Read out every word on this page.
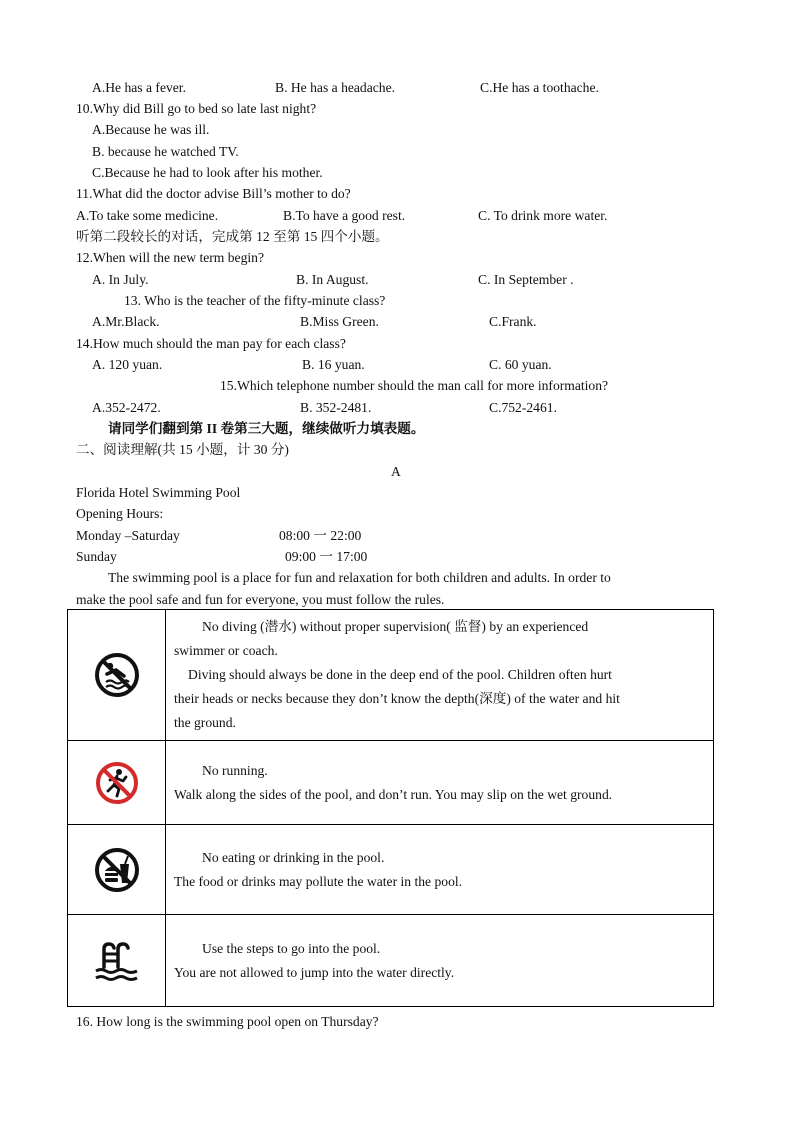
A.He has a fever.	B. He has a headache.	C.He has a toothache.
10.Why did Bill go to bed so late last night?
A.Because he was ill.
B. because he watched TV.
C.Because he had to look after his mother.
11.What did the doctor advise Bill’s mother to do?
A.To take some medicine.	B.To have a good rest.	C. To drink more water.
听第二段较长的对话，完成第 12 至第 15 四个小题。
12.When will the new term begin?
A. In July.	B. In August.	C. In September .
13. Who is the teacher of the fifty-minute class?
A.Mr.Black.	B.Miss Green.	C.Frank.
14.How much should the man pay for each class?
A. 120 yuan.	B. 16 yuan.	C. 60 yuan.
15.Which telephone number should the man call for more information?
A.352-2472.	B. 352-2481.	C.752-2461.
请同学们翻到第 II 卷第三大题，继续做听力填表题。
二、阅读理解(共 15 小题，计 30 分)
A
Florida Hotel Swimming Pool
Opening Hours:
Monday –Saturday	08:00 一 22:00
Sunday	09:00 一 17:00
The swimming pool is a place for fun and relaxation for both children and adults. In order to
make the pool safe and fun for everyone, you must follow the rules.

No diving (潜水) without proper supervision( 监督) by an experienced
swimmer or coach.
Diving should always be done in the deep end of the pool. Children often hurt
their heads or necks because they don’t know the depth(深度) of the water and hit
the ground.

No running.
Walk along the sides of the pool, and don’t run. You may slip on the wet ground.

No eating or drinking in the pool.
The food or drinks may pollute the water in the pool.

Use the steps to go into the pool.
You are not allowed to jump into the water directly.
16. How long is the swimming pool open on Thursday?
